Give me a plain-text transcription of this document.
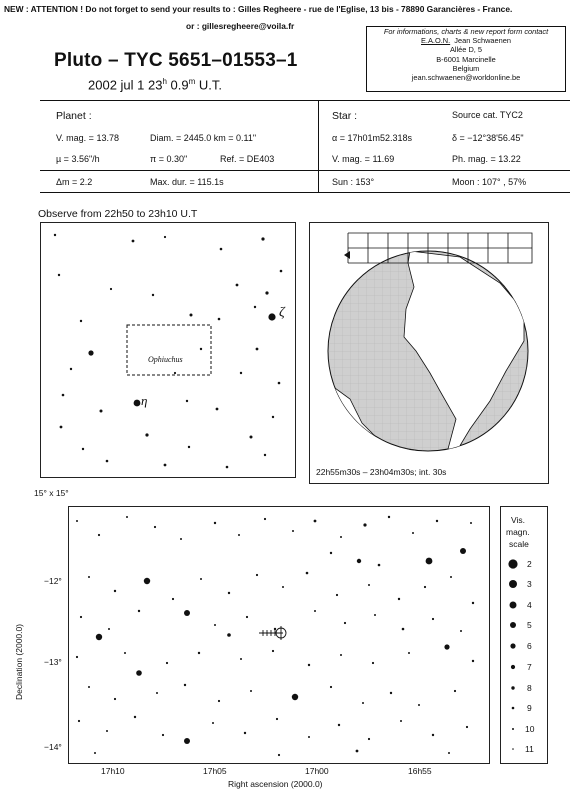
NEW : ATTENTION ! Do not forget to send your results to : Gilles Regheere - rue de l'Eglise, 13 bis - 78890 Garancières - France.
or : gillesregheere@voila.fr
For informations, charts & new report form contact
E.A.O.N. Jean Schwaenen
Allée D, 5
B-6001 Marcinelle
Belgium
jean.schwaenen@worldonline.be
Pluto – TYC 5651–01553–1
2002 jul 1 23$^h$ 0.9$^m$ U.T.
Planet :
V. mag. = 13.78	Diam. = 2445.0 km = 0.11"
µ = 3.56"/h	π = 0.30"	Ref. = DE403
Star :	Source cat. TYC2
α = 17h01m52.318s	δ = −12°38'56.45"
V. mag. = 11.69	Ph. mag. = 13.22
Δm = 2.2	Max. dur. = 115.1s	Sun : 153°	Moon : 107° , 57%
Observe from 22h50 to 23h10 U.T
Ophiuchus
ζ
η
22h55m30s – 23h04m30s; int. 30s
15° x 15°
−12°
−13°
−14°
Declination (2000.0)
17h10	17h05	17h00	16h55
Right ascension (2000.0)
Vis.
magn.
scale
2
3
4
5
6
7
8
9
10
11
